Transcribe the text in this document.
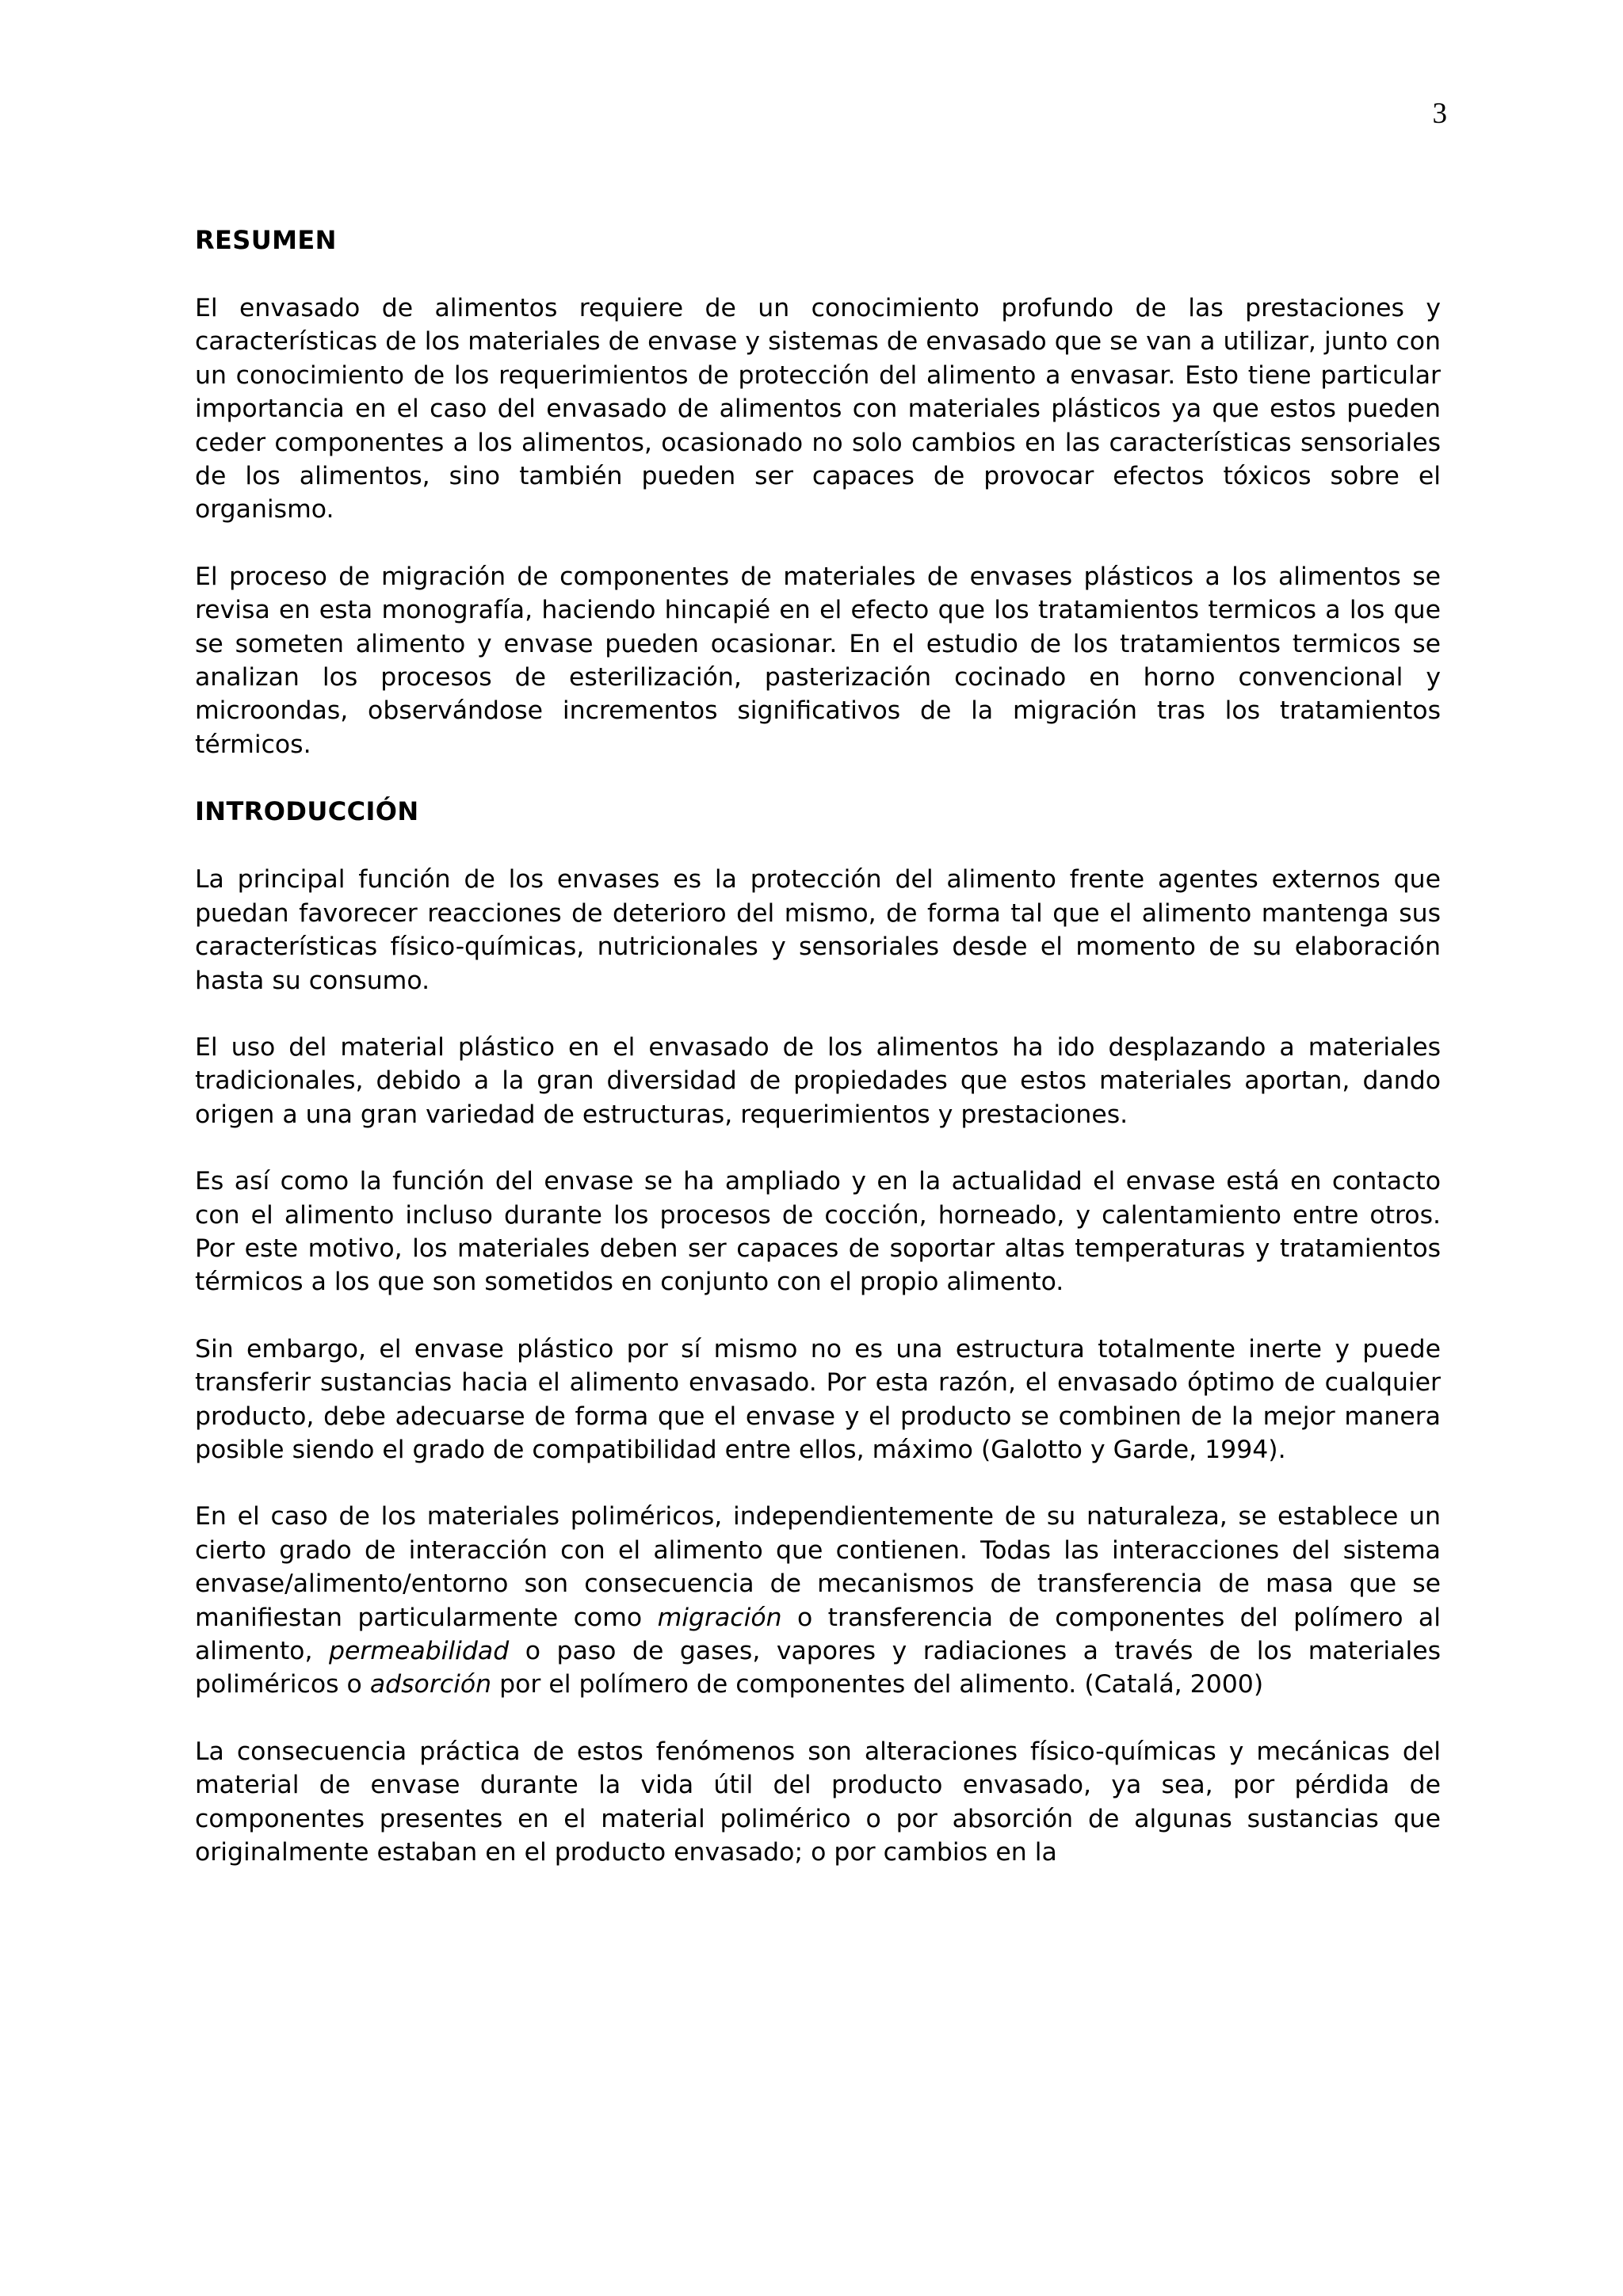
3
RESUMEN

El envasado de alimentos requiere de un conocimiento profundo de las prestaciones y características de los materiales de envase y sistemas de envasado que se van a utilizar, junto con un conocimiento de los requerimientos de protección del alimento a envasar. Esto tiene particular importancia en el caso del envasado de alimentos con materiales plásticos ya que estos pueden ceder componentes a los alimentos, ocasionado no solo cambios en las características sensoriales de los alimentos, sino también pueden ser capaces de provocar efectos tóxicos sobre el organismo.

El proceso de migración de componentes de materiales de envases plásticos a los alimentos se revisa en esta monografía, haciendo hincapié en el efecto que los tratamientos termicos a los que se someten alimento y envase pueden ocasionar. En el estudio de los tratamientos termicos se analizan los procesos de esterilización, pasterización cocinado en horno convencional y microondas, observándose incrementos significativos de la migración tras los tratamientos térmicos.

INTRODUCCIÓN

La principal función de los envases es la protección del alimento frente agentes externos que puedan favorecer reacciones de deterioro del mismo, de forma tal que el alimento mantenga sus características físico-químicas, nutricionales y sensoriales desde el momento de su elaboración hasta su consumo.

El uso del material plástico en el envasado de los alimentos ha ido desplazando a materiales tradicionales, debido a la gran diversidad de propiedades que estos materiales aportan, dando origen a una gran variedad de estructuras, requerimientos y prestaciones.

Es así como la función del envase se ha ampliado y en la actualidad el envase está en contacto con el alimento incluso durante los procesos de cocción, horneado, y calentamiento entre otros. Por este motivo, los materiales deben ser capaces de soportar altas temperaturas y tratamientos térmicos a los que son sometidos en conjunto con el propio alimento.

Sin embargo, el envase plástico por sí mismo no es una estructura totalmente inerte y puede transferir sustancias hacia el alimento envasado. Por esta razón, el envasado óptimo de cualquier producto, debe adecuarse de forma que el envase y el producto se combinen de la mejor manera posible siendo el grado de compatibilidad entre ellos, máximo (Galotto y Garde, 1994).

En el caso de los materiales poliméricos, independientemente de su naturaleza, se establece un cierto grado de interacción con el alimento que contienen. Todas las interacciones del sistema envase/alimento/entorno son consecuencia de mecanismos de transferencia de masa que se manifiestan particularmente como migración o transferencia de componentes del polímero al alimento, permeabilidad o paso de gases, vapores y radiaciones a través de los materiales poliméricos o adsorción por el polímero de componentes del alimento. (Catalá, 2000)

La consecuencia práctica de estos fenómenos son alteraciones físico-químicas y mecánicas del material de envase durante la vida útil del producto envasado, ya sea, por pérdida de componentes presentes en el material polimérico o por absorción de algunas sustancias que originalmente estaban en el producto envasado; o por cambios en la
